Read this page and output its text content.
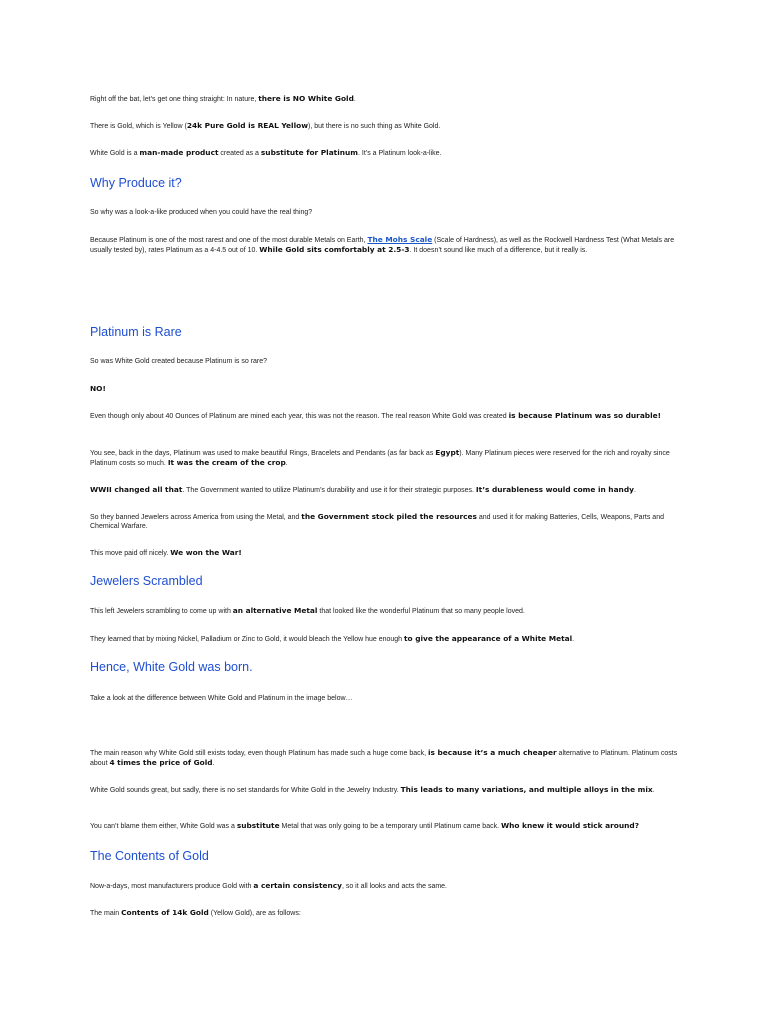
Right off the bat, let’s get one thing straight: In nature, there is NO White Gold.

There is Gold, which is Yellow (24k Pure Gold is REAL Yellow), but there is no such thing as White Gold.

White Gold is a man-made product created as a substitute for Platinum. It’s a Platinum look-a-like.

Why Produce it?

So why was a look-a-like produced when you could have the real thing?

Because Platinum is one of the most rarest and one of the most durable Metals on Earth, The Mohs Scale (Scale of Hardness), as well as the Rockwell Hardness Test (What Metals are usually tested by), rates Platinum as a 4-4.5 out of 10. While Gold sits comfortably at 2.5-3. It doesn’t sound like much of a difference, but it really is.

Platinum is Rare

So was White Gold created because Platinum is so rare?

NO!

Even though only about 40 Ounces of Platinum are mined each year, this was not the reason. The real reason White Gold was created is because Platinum was so durable!

You see, back in the days, Platinum was used to make beautiful Rings, Bracelets and Pendants (as far back as Egypt). Many Platinum pieces were reserved for the rich and royalty since Platinum costs so much. It was the cream of the crop.

WWII changed all that. The Government wanted to utilize Platinum’s durability and use it for their strategic purposes. It’s durableness would come in handy.

So they banned Jewelers across America from using the Metal, and the Government stock piled the resources and used it for making Batteries, Cells, Weapons, Parts and Chemical Warfare.

This move paid off nicely. We won the War!

Jewelers Scrambled

This left Jewelers scrambling to come up with an alternative Metal that looked like the wonderful Platinum that so many people loved.

They learned that by mixing Nickel, Palladium or Zinc to Gold, it would bleach the Yellow hue enough to give the appearance of a White Metal.

Hence, White Gold was born.

Take a look at the difference between White Gold and Platinum in the image below…

The main reason why White Gold still exists today, even though Platinum has made such a huge come back, is because it’s a much cheaper alternative to Platinum. Platinum costs about 4 times the price of Gold.

White Gold sounds great, but sadly, there is no set standards for White Gold in the Jewelry Industry. This leads to many variations, and multiple alloys in the mix.

You can’t blame them either, White Gold was a substitute Metal that was only going to be a temporary until Platinum came back. Who knew it would stick around?

The Contents of Gold

Now-a-days, most manufacturers produce Gold with a certain consistency, so it all looks and acts the same.

The main Contents of 14k Gold (Yellow Gold), are as follows:
